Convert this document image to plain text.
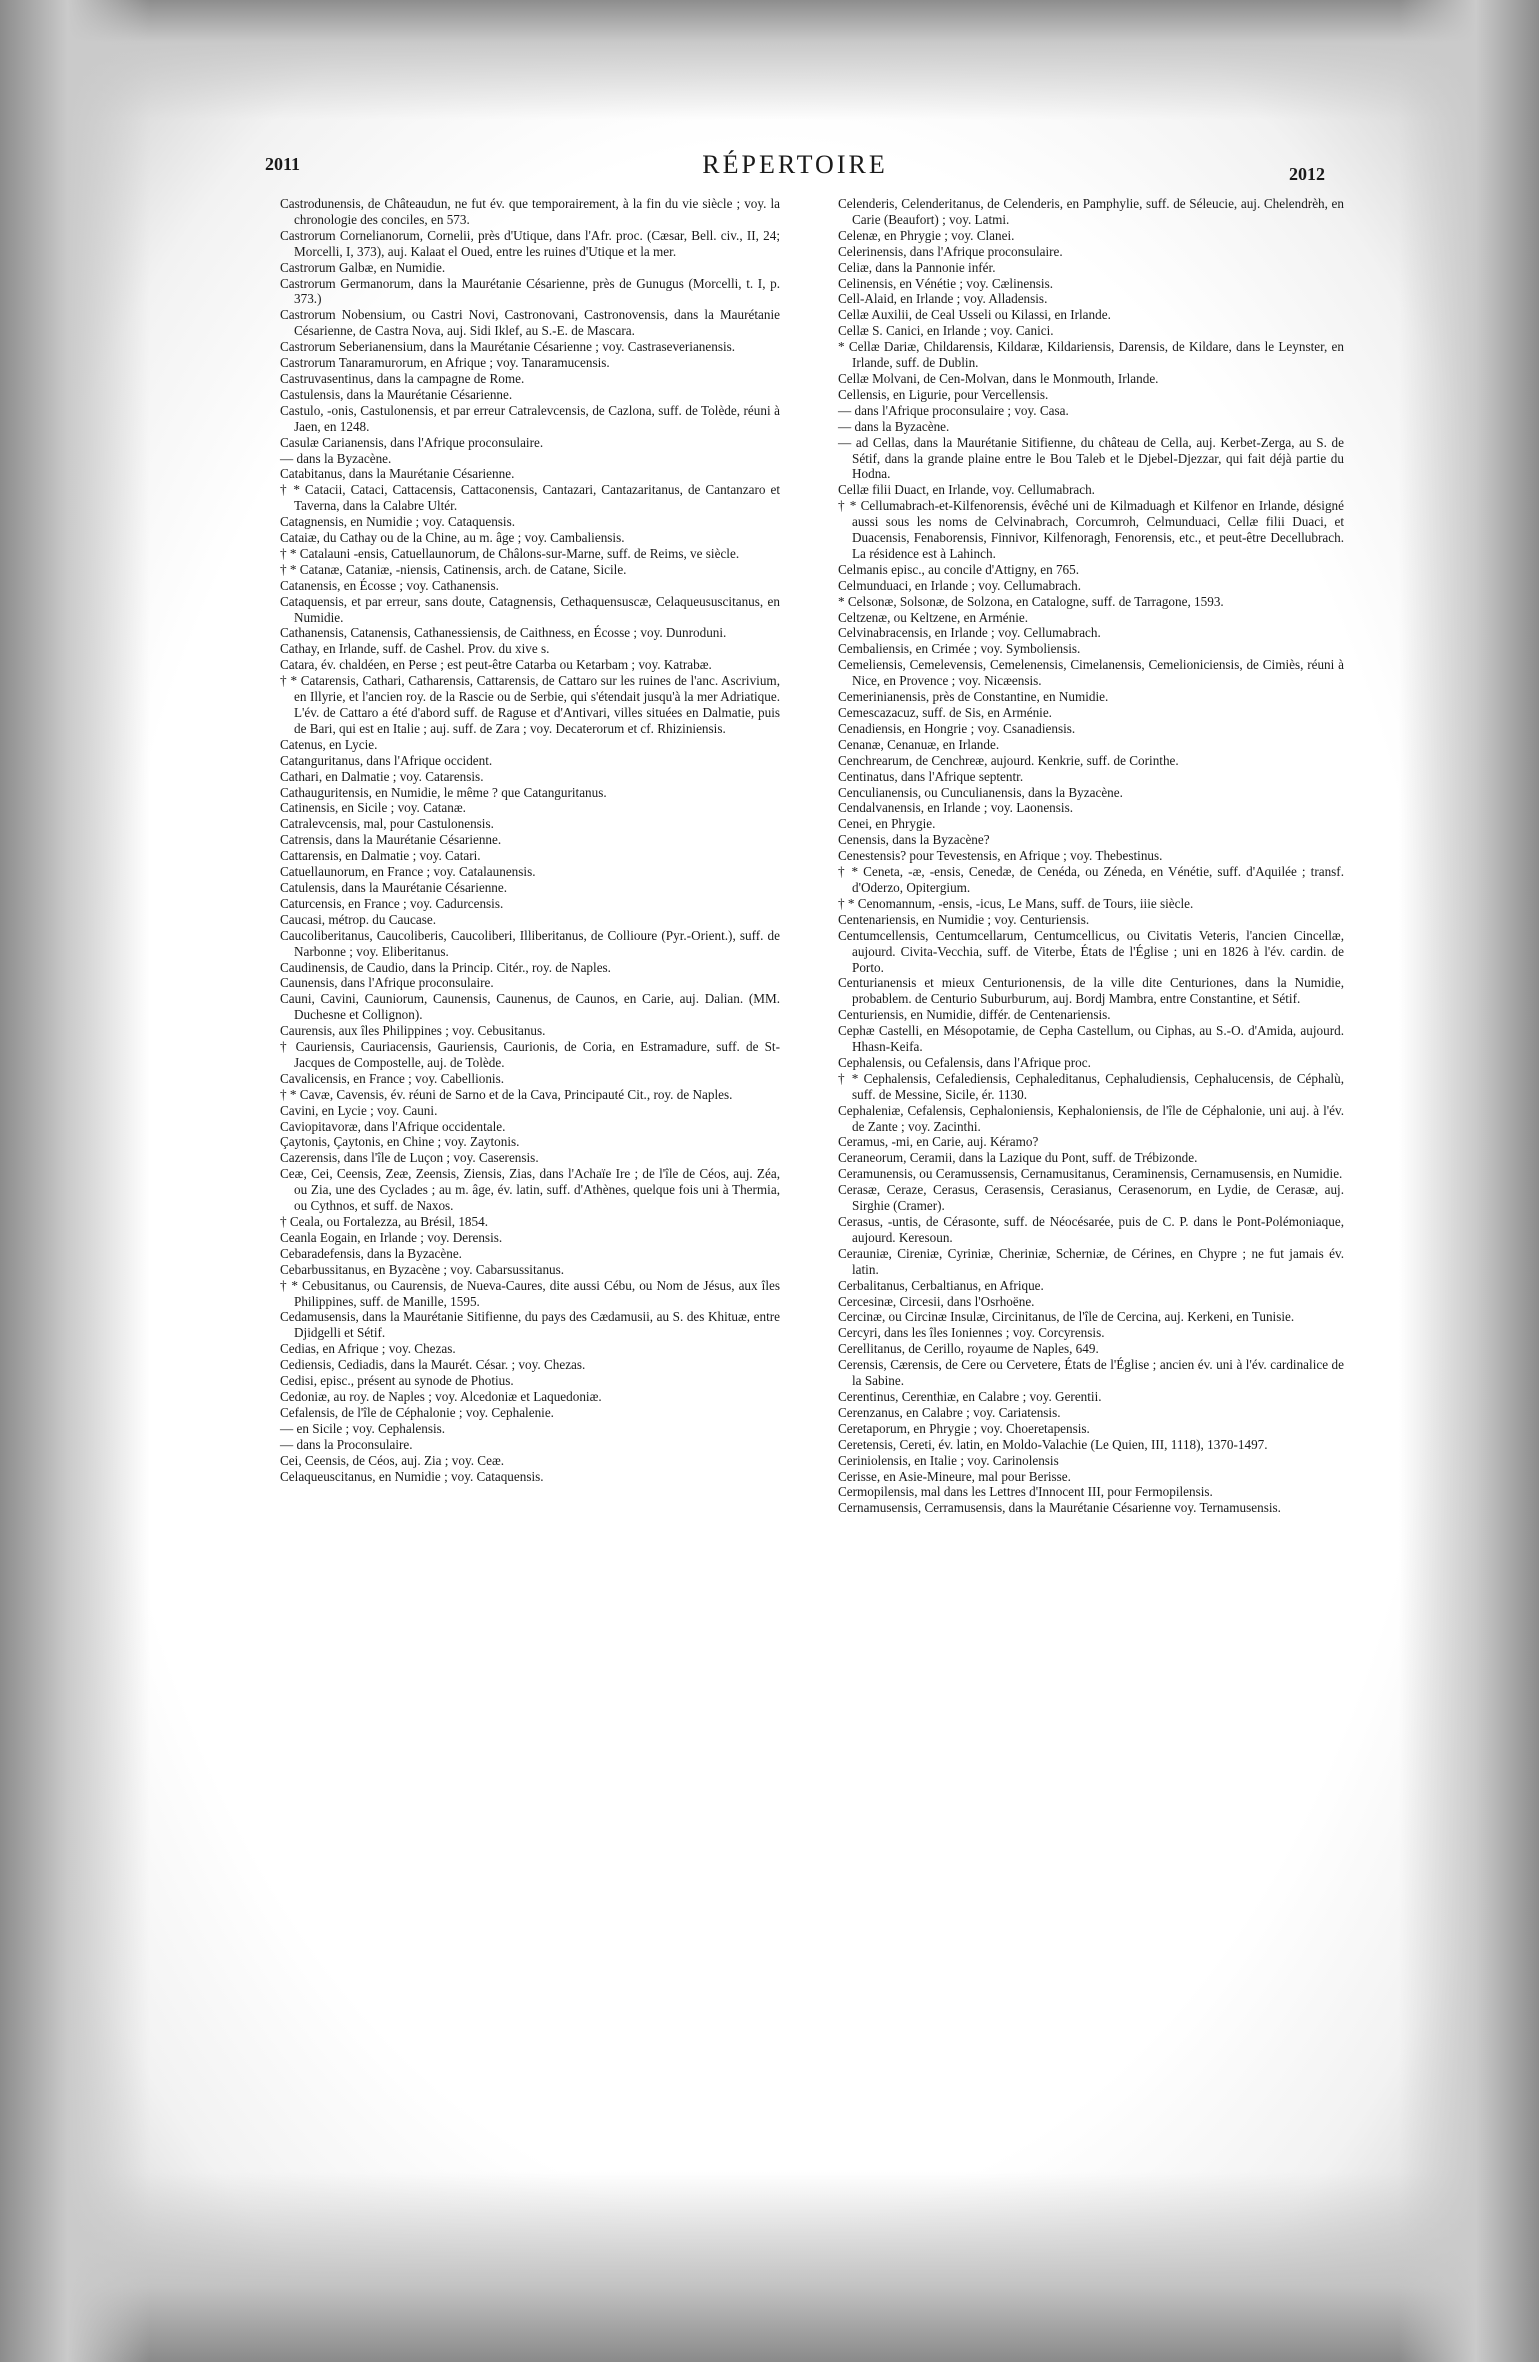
2011	RÉPERTOIRE	2012

Castrodunensis, de Châteaudun, ne fut év. que temporairement, à la fin du vie siècle ; voy. la chronologie des conciles, en 573.

Castrorum Cornelianorum, Cornelii, près d'Utique, dans l'Afr. proc. (Cæsar, Bell. civ., II, 24; Morcelli, I, 373), auj. Kalaat el Oued, entre les ruines d'Utique et la mer.

Castrorum Galbæ, en Numidie.

Castrorum Germanorum, dans la Maurétanie Césarienne, près de Gunugus (Morcelli, t. I, p. 373.)

Castrorum Nobensium, ou Castri Novi, Castronovani, Castronovensis, dans la Maurétanie Césarienne, de Castra Nova, auj. Sidi Iklef, au S.-E. de Mascara.

Castrorum Seberianensium, dans la Maurétanie Césarienne ; voy. Castraseverianensis.

Castrorum Tanaramurorum, en Afrique ; voy. Tanaramucensis.

Castruvasentinus, dans la campagne de Rome.

Castulensis, dans la Maurétanie Césarienne.

Castulo, -onis, Castulonensis, et par erreur Catralevcensis, de Cazlona, suff. de Tolède, réuni à Jaen, en 1248.

Casulæ Carianensis, dans l'Afrique proconsulaire.

— dans la Byzacène.

Catabitanus, dans la Maurétanie Césarienne.

† * Catacii, Cataci, Cattacensis, Cattaconensis, Cantazari, Cantazaritanus, de Cantanzaro et Taverna, dans la Calabre Ultér.

Catagnensis, en Numidie ; voy. Cataquensis.

Cataiæ, du Cathay ou de la Chine, au m. âge ; voy. Cambaliensis.

† * Catalauni -ensis, Catuellaunorum, de Châlons-sur-Marne, suff. de Reims, ve siècle.

† * Catanæ, Cataniæ, -niensis, Catinensis, arch. de Catane, Sicile.

Catanensis, en Écosse ; voy. Cathanensis.

Cataquensis, et par erreur, sans doute, Catagnensis, Cethaquensuscæ, Celaqueususcitanus, en Numidie.

Cathanensis, Catanensis, Cathanessiensis, de Caithness, en Écosse ; voy. Dunroduni.

Cathay, en Irlande, suff. de Cashel. Prov. du xive s.

Catara, év. chaldéen, en Perse ; est peut-être Catarba ou Ketarbam ; voy. Katrabæ.

† * Catarensis, Cathari, Catharensis, Cattarensis, de Cattaro sur les ruines de l'anc. Ascrivium, en Illyrie, et l'ancien roy. de la Rascie ou de Serbie, qui s'étendait jusqu'à la mer Adriatique. L'év. de Cattaro a été d'abord suff. de Raguse et d'Antivari, villes situées en Dalmatie, puis de Bari, qui est en Italie ; auj. suff. de Zara ; voy. Decaterorum et cf. Rhiziniensis.

Catenus, en Lycie.

Catanguritanus, dans l'Afrique occident.

Cathari, en Dalmatie ; voy. Catarensis.

Cathauguritensis, en Numidie, le même ? que Catanguritanus.

Catinensis, en Sicile ; voy. Catanæ.

Catralevcensis, mal, pour Castulonensis.

Catrensis, dans la Maurétanie Césarienne.

Cattarensis, en Dalmatie ; voy. Catari.

Catuellaunorum, en France ; voy. Catalaunensis.

Catulensis, dans la Maurétanie Césarienne.

Caturcensis, en France ; voy. Cadurcensis.

Caucasi, métrop. du Caucase.

Caucoliberitanus, Caucoliberis, Caucoliberi, Illiberitanus, de Collioure (Pyr.-Orient.), suff. de Narbonne ; voy. Eliberitanus.

Caudinensis, de Caudio, dans la Princip. Citér., roy. de Naples.

Caunensis, dans l'Afrique proconsulaire.

Cauni, Cavini, Cauniorum, Caunensis, Caunenus, de Caunos, en Carie, auj. Dalian. (MM. Duchesne et Collignon).

Caurensis, aux îles Philippines ; voy. Cebusitanus.

† Cauriensis, Cauriacensis, Gauriensis, Caurionis, de Coria, en Estramadure, suff. de St-Jacques de Compostelle, auj. de Tolède.

Cavalicensis, en France ; voy. Cabellionis.

† * Cavæ, Cavensis, év. réuni de Sarno et de la Cava, Principauté Cit., roy. de Naples.

Cavini, en Lycie ; voy. Cauni.

Caviopitavoræ, dans l'Afrique occidentale.

Çaytonis, Çaytonis, en Chine ; voy. Zaytonis.

Cazerensis, dans l'île de Luçon ; voy. Caserensis.

Ceæ, Cei, Ceensis, Zeæ, Zeensis, Ziensis, Zias, dans l'Achaïe Ire ; de l'île de Céos, auj. Zéa, ou Zia, une des Cyclades ; au m. âge, év. latin, suff. d'Athènes, quelque fois uni à Thermia, ou Cythnos, et suff. de Naxos.

† Ceala, ou Fortalezza, au Brésil, 1854.

Ceanla Eogain, en Irlande ; voy. Derensis.

Cebaradefensis, dans la Byzacène.

Cebarbussitanus, en Byzacène ; voy. Cabarsussitanus.

† * Cebusitanus, ou Caurensis, de Nueva-Caures, dite aussi Cébu, ou Nom de Jésus, aux îles Philippines, suff. de Manille, 1595.

Cedamusensis, dans la Maurétanie Sitifienne, du pays des Cædamusii, au S. des Khituæ, entre Djidgelli et Sétif.

Cedias, en Afrique ; voy. Chezas.

Cediensis, Cediadis, dans la Maurét. César. ; voy. Chezas.

Cedisi, episc., présent au synode de Photius.

Cedoniæ, au roy. de Naples ; voy. Alcedoniæ et Laquedoniæ.

Cefalensis, de l'île de Céphalonie ; voy. Cephalenie.

— en Sicile ; voy. Cephalensis.

— dans la Proconsulaire.

Cei, Ceensis, de Céos, auj. Zia ; voy. Ceæ.

Celaqueuscitanus, en Numidie ; voy. Cataquensis.

Celenderis, Celenderitanus, de Celenderis, en Pamphylie, suff. de Séleucie, auj. Chelendrèh, en Carie (Beaufort) ; voy. Latmi.

Celenæ, en Phrygie ; voy. Clanei.

Celerinensis, dans l'Afrique proconsulaire.

Celiæ, dans la Pannonie infér.

Celinensis, en Vénétie ; voy. Cælinensis.

Cell-Alaid, en Irlande ; voy. Alladensis.

Cellæ Auxilii, de Ceal Usseli ou Kilassi, en Irlande.

Cellæ S. Canici, en Irlande ; voy. Canici.

* Cellæ Dariæ, Childarensis, Kildaræ, Kildariensis, Darensis, de Kildare, dans le Leynster, en Irlande, suff. de Dublin.

Cellæ Molvani, de Cen-Molvan, dans le Monmouth, Irlande.

Cellensis, en Ligurie, pour Vercellensis.

— dans l'Afrique proconsulaire ; voy. Casa.

— dans la Byzacène.

— ad Cellas, dans la Maurétanie Sitifienne, du château de Cella, auj. Kerbet-Zerga, au S. de Sétif, dans la grande plaine entre le Bou Taleb et le Djebel-Djezzar, qui fait déjà partie du Hodna.

Cellæ filii Duact, en Irlande, voy. Cellumabrach.

† * Cellumabrach-et-Kilfenorensis, évêché uni de Kilmaduagh et Kilfenor en Irlande, désigné aussi sous les noms de Celvinabrach, Corcumroh, Celmunduaci, Cellæ filii Duaci, et Duacensis, Fenaborensis, Finnivor, Kilfenoragh, Fenorensis, etc., et peut-être Decellubrach. La résidence est à Lahinch.

Celmanis episc., au concile d'Attigny, en 765.

Celmunduaci, en Irlande ; voy. Cellumabrach.

* Celsonæ, Solsonæ, de Solzona, en Catalogne, suff. de Tarragone, 1593.

Celtzenæ, ou Keltzene, en Arménie.

Celvinabracensis, en Irlande ; voy. Cellumabrach.

Cembaliensis, en Crimée ; voy. Symboliensis.

Cemeliensis, Cemelevensis, Cemelenensis, Cimelanensis, Cemelioniciensis, de Cimiès, réuni à Nice, en Provence ; voy. Nicæensis.

Cemerinianensis, près de Constantine, en Numidie.

Cemescazacuz, suff. de Sis, en Arménie.

Cenadiensis, en Hongrie ; voy. Csanadiensis.

Cenanæ, Cenanuæ, en Irlande.

Cenchrearum, de Cenchreæ, aujourd. Kenkrie, suff. de Corinthe.

Centinatus, dans l'Afrique septentr.

Cenculianensis, ou Cunculianensis, dans la Byzacène.

Cendalvanensis, en Irlande ; voy. Laonensis.

Cenei, en Phrygie.

Cenensis, dans la Byzacène?

Cenestensis? pour Tevestensis, en Afrique ; voy. Thebestinus.

† * Ceneta, -æ, -ensis, Cenedæ, de Cenéda, ou Zéneda, en Vénétie, suff. d'Aquilée ; transf. d'Oderzo, Opitergium.

† * Cenomannum, -ensis, -icus, Le Mans, suff. de Tours, iiie siècle.

Centenariensis, en Numidie ; voy. Centuriensis.

Centumcellensis, Centumcellarum, Centumcellicus, ou Civitatis Veteris, l'ancien Cincellæ, aujourd. Civita-Vecchia, suff. de Viterbe, États de l'Église ; uni en 1826 à l'év. cardin. de Porto.

Centurianensis et mieux Centurionensis, de la ville dite Centuriones, dans la Numidie, probablem. de Centurio Suburburum, auj. Bordj Mambra, entre Constantine, et Sétif.

Centuriensis, en Numidie, différ. de Centenariensis.

Cephæ Castelli, en Mésopotamie, de Cepha Castellum, ou Ciphas, au S.-O. d'Amida, aujourd. Hhasn-Keifa.

Cephalensis, ou Cefalensis, dans l'Afrique proc.

† * Cephalensis, Cefalediensis, Cephaleditanus, Cephaludiensis, Cephalucensis, de Céphalù, suff. de Messine, Sicile, ér. 1130.

Cephaleniæ, Cefalensis, Cephaloniensis, Kephaloniensis, de l'île de Céphalonie, uni auj. à l'év. de Zante ; voy. Zacinthi.

Ceramus, -mi, en Carie, auj. Kéramo?

Ceraneorum, Ceramii, dans la Lazique du Pont, suff. de Trébizonde.

Ceramunensis, ou Ceramussensis, Cernamusitanus, Ceraminensis, Cernamusensis, en Numidie.

Cerasæ, Ceraze, Cerasus, Cerasensis, Cerasianus, Cerasenorum, en Lydie, de Cerasæ, auj. Sirghie (Cramer).

Cerasus, -untis, de Cérasonte, suff. de Néocésarée, puis de C. P. dans le Pont-Polémoniaque, aujourd. Keresoun.

Cerauniæ, Cireniæ, Cyriniæ, Cheriniæ, Scherniæ, de Cérines, en Chypre ; ne fut jamais év. latin.

Cerbalitanus, Cerbaltianus, en Afrique.

Cercesinæ, Circesii, dans l'Osrhoëne.

Cercinæ, ou Circinæ Insulæ, Circinitanus, de l'île de Cercina, auj. Kerkeni, en Tunisie.

Cercyri, dans les îles Ioniennes ; voy. Corcyrensis.

Cerellitanus, de Cerillo, royaume de Naples, 649.

Cerensis, Cærensis, de Cere ou Cervetere, États de l'Église ; ancien év. uni à l'év. cardinalice de la Sabine.

Cerentinus, Cerenthiæ, en Calabre ; voy. Gerentii.

Cerenzanus, en Calabre ; voy. Cariatensis.

Ceretaporum, en Phrygie ; voy. Choeretapensis.

Ceretensis, Cereti, év. latin, en Moldo-Valachie (Le Quien, III, 1118), 1370-1497.

Ceriniolensis, en Italie ; voy. Carinolensis

Cerisse, en Asie-Mineure, mal pour Berisse.

Cermopilensis, mal dans les Lettres d'Innocent III, pour Fermopilensis.

Cernamusensis, Cerramusensis, dans la Maurétanie Césarienne voy. Ternamusensis.
